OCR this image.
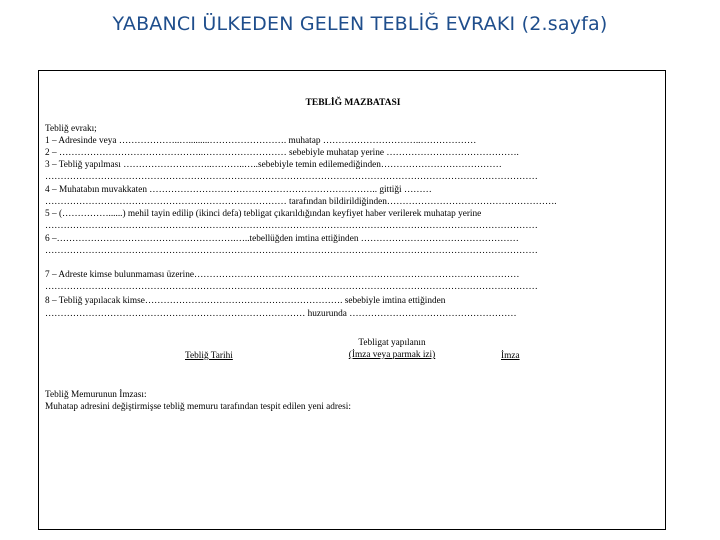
YABANCI ÜLKEDEN GELEN TEBLİĞ EVRAKI (2.sayfa)
TEBLİĞ MAZBATASI
Tebliğ evrakı;
1 – Adresinde veya ………………..….........……………………. muhatap …………………………..………………
2 – ………………………………………..……………………… sebebiyle muhatap yerine …………………………………….
3 – Tebliğ yapılması ………………………..………..…..sebebiyle temin edilemediğinden…………………………………
……………………………………………………………………………………………………………………………………………
4 – Muhatabın muvakkaten ……………………………………………………………….. gittiği ………
…………………………………………………………………… tarafından bildirildiğinden……………………………………………….
5 – (……………......) mehil tayin edilip (ikinci defa) tebligat çıkarıldığından keyfiyet haber verilerek muhatap yerine
……………………………………………………………………………………………………………………………………………
6 –………………………………………………….…..tebellüğden imtina ettiğinden ……………………………………………
……………………………………………………………………………………………………………………………………………
7 – Adreste kimse bulunmaması üzerine……………………………………………………………………………………………
……………………………………………………………………………………………………………………………………………
8 – Tebliğ yapılacak kimse………………………………………………………. sebebiyle imtina ettiğinden
………………………………………………………………………… huzurunda ………………………………………………
Tebliğ Tarihi
Tebligat yapılanın
(İmza veya parmak izi)	İmza
Tebliğ Memurunun İmzası:
Muhatap adresini değiştirmişse tebliğ memuru tarafından tespit edilen yeni adresi:
